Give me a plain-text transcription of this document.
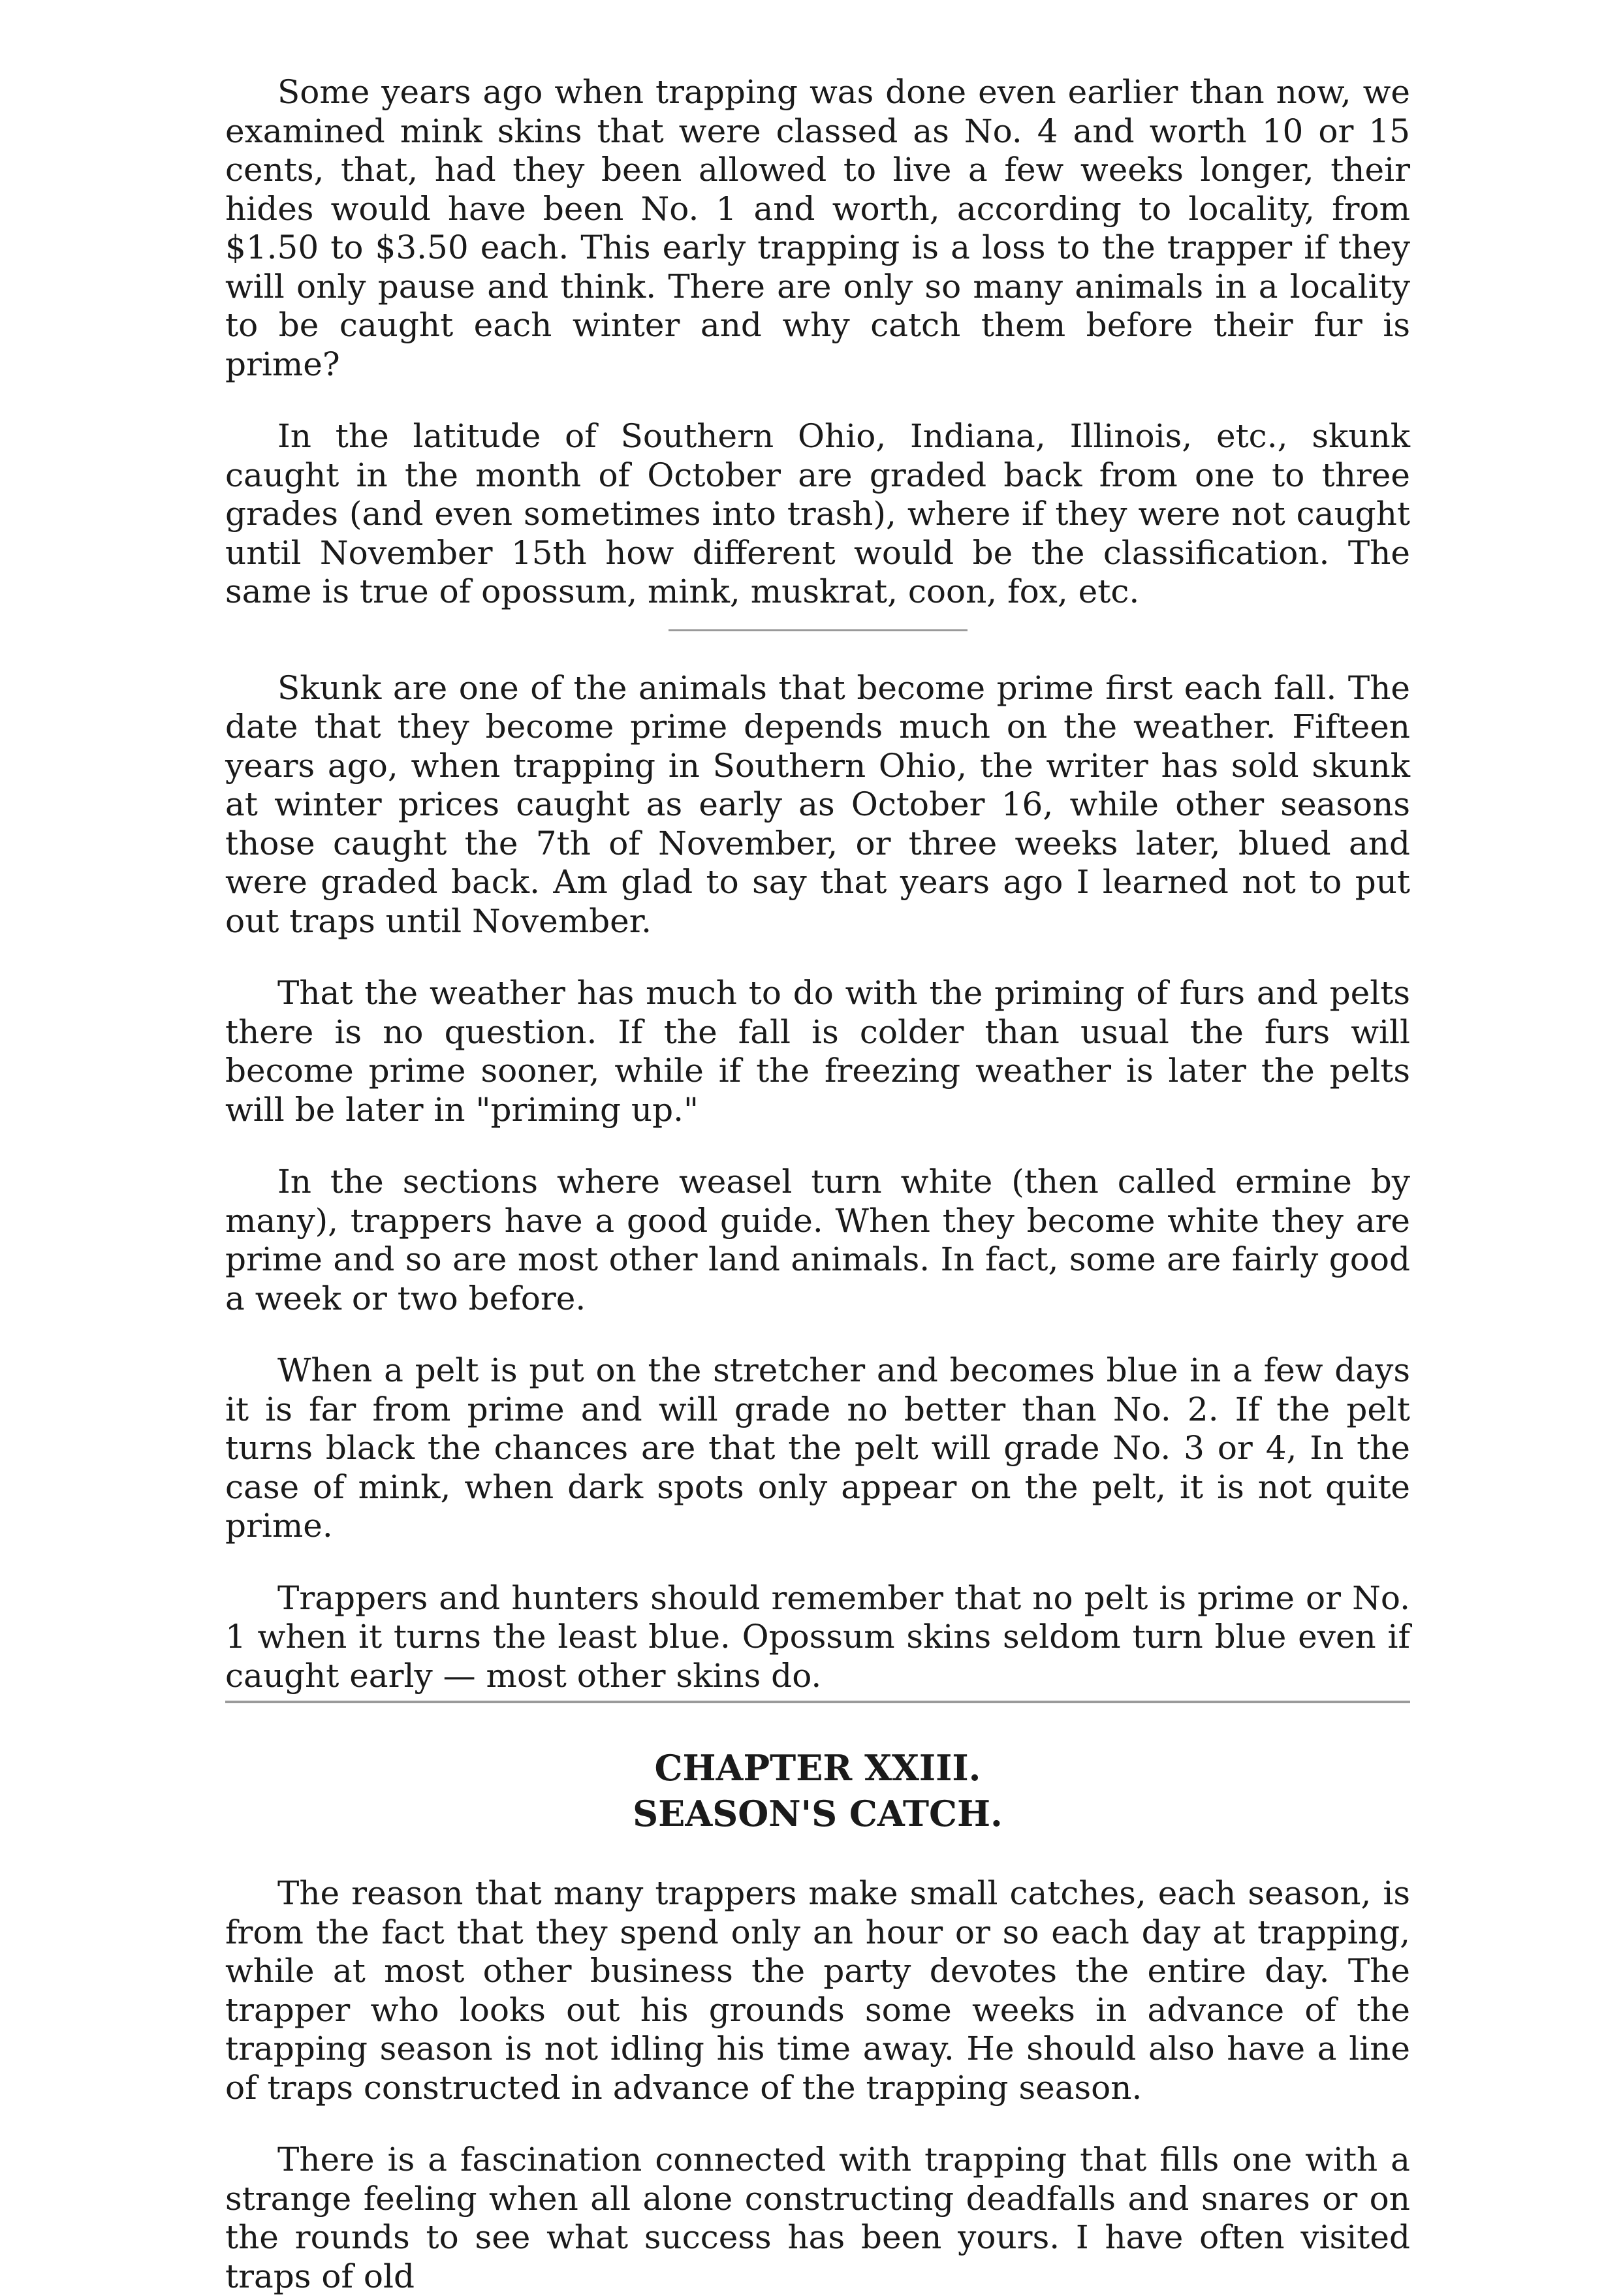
Some years ago when trapping was done even earlier than now, we examined mink skins that were classed as No. 4 and worth 10 or 15 cents, that, had they been allowed to live a few weeks longer, their hides would have been No. 1 and worth, according to locality, from $1.50 to $3.50 each. This early trapping is a loss to the trapper if they will only pause and think. There are only so many animals in a locality to be caught each winter and why catch them before their fur is prime?

In the latitude of Southern Ohio, Indiana, Illinois, etc., skunk caught in the month of October are graded back from one to three grades (and even sometimes into trash), where if they were not caught until November 15th how different would be the classification. The same is true of opossum, mink, muskrat, coon, fox, etc.

Skunk are one of the animals that become prime first each fall. The date that they become prime depends much on the weather. Fifteen years ago, when trapping in Southern Ohio, the writer has sold skunk at winter prices caught as early as October 16, while other seasons those caught the 7th of November, or three weeks later, blued and were graded back. Am glad to say that years ago I learned not to put out traps until November.

That the weather has much to do with the priming of furs and pelts there is no question. If the fall is colder than usual the furs will become prime sooner, while if the freezing weather is later the pelts will be later in "priming up."

In the sections where weasel turn white (then called ermine by many), trappers have a good guide. When they become white they are prime and so are most other land animals. In fact, some are fairly good a week or two before.

When a pelt is put on the stretcher and becomes blue in a few days it is far from prime and will grade no better than No. 2. If the pelt turns black the chances are that the pelt will grade No. 3 or 4, In the case of mink, when dark spots only appear on the pelt, it is not quite prime.

Trappers and hunters should remember that no pelt is prime or No. 1 when it turns the least blue. Opossum skins seldom turn blue even if caught early — most other skins do.

CHAPTER XXIII.
SEASON'S CATCH.

The reason that many trappers make small catches, each season, is from the fact that they spend only an hour or so each day at trapping, while at most other business the party devotes the entire day. The trapper who looks out his grounds some weeks in advance of the trapping season is not idling his time away. He should also have a line of traps constructed in advance of the trapping season.

There is a fascination connected with trapping that fills one with a strange feeling when all alone constructing deadfalls and snares or on the rounds to see what success has been yours. I have often visited traps of old
